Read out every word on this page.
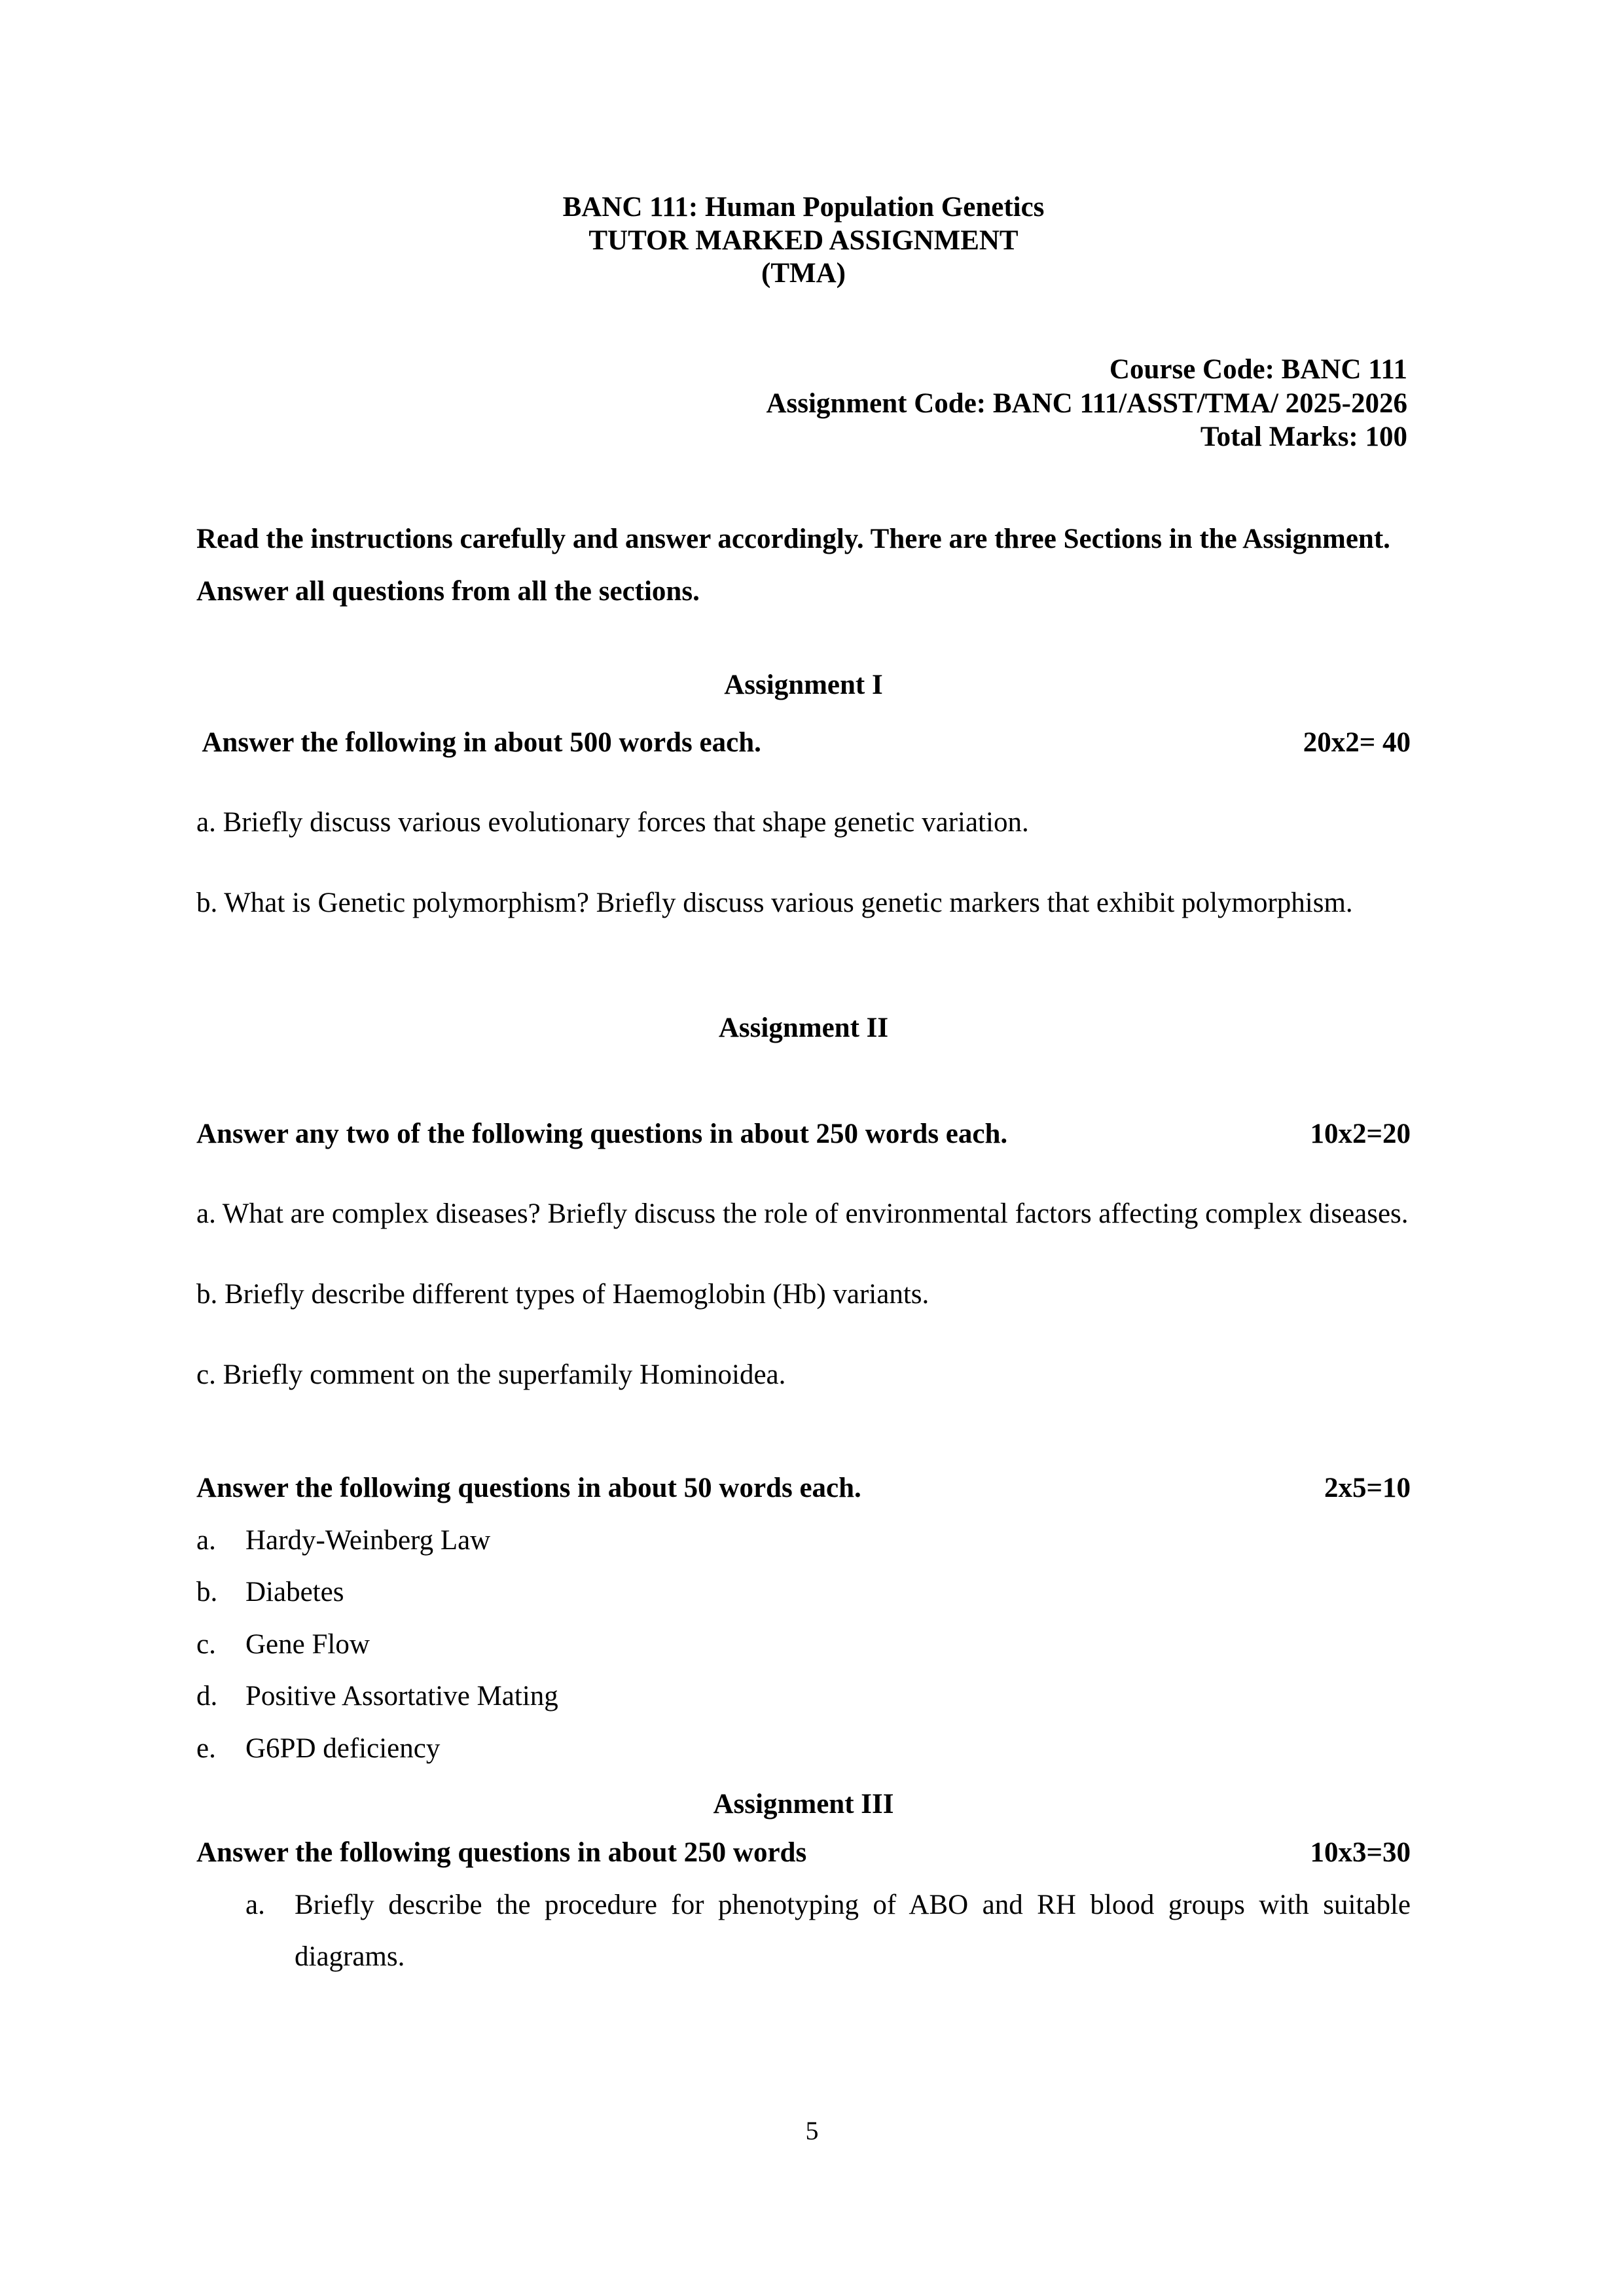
BANC 111: Human Population Genetics
TUTOR MARKED ASSIGNMENT
(TMA)
Course Code: BANC 111
Assignment Code: BANC 111/ASST/TMA/ 2025-2026
Total Marks: 100

Read the instructions carefully and answer accordingly. There are three Sections in the Assignment. Answer all questions from all the sections.

Assignment I
Answer the following in about 500 words each.	20x2= 40

a. Briefly discuss various evolutionary forces that shape genetic variation.

b. What is Genetic polymorphism? Briefly discuss various genetic markers that exhibit polymorphism.

Assignment II
Answer any two of the following questions in about 250 words each.	10x2=20

a. What are complex diseases? Briefly discuss the role of environmental factors affecting complex diseases.

b. Briefly describe different types of Haemoglobin (Hb) variants.

c. Briefly comment on the superfamily Hominoidea.

Answer the following questions in about 50 words each.	2x5=10
a.	Hardy-Weinberg Law
b. Diabetes
c.	Gene Flow
d. Positive Assortative Mating
e.	G6PD deficiency
Assignment III
Answer the following questions in about 250 words	10x3=30
a.	Briefly describe the procedure for phenotyping of ABO and RH blood groups with suitable diagrams.
5
